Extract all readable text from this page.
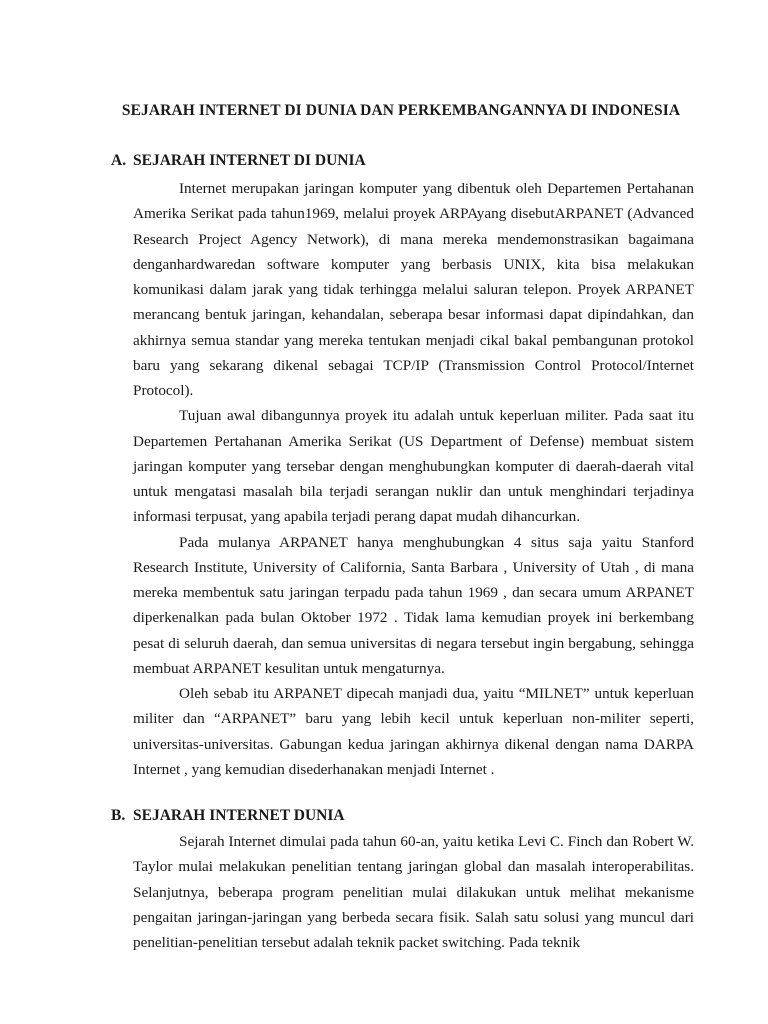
SEJARAH INTERNET DI DUNIA DAN PERKEMBANGANNYA DI INDONESIA
A. SEJARAH INTERNET DI DUNIA

Internet merupakan jaringan komputer yang dibentuk oleh Departemen Pertahanan Amerika Serikat pada tahun1969, melalui proyek ARPAyang disebutARPANET (Advanced Research Project Agency Network), di mana mereka mendemonstrasikan bagaimana denganhardwaredan software komputer yang berbasis UNIX, kita bisa melakukan komunikasi dalam jarak yang tidak terhingga melalui saluran telepon. Proyek ARPANET merancang bentuk jaringan, kehandalan, seberapa besar informasi dapat dipindahkan, dan akhirnya semua standar yang mereka tentukan menjadi cikal bakal pembangunan protokol baru yang sekarang dikenal sebagai TCP/IP (Transmission Control Protocol/Internet Protocol).

Tujuan awal dibangunnya proyek itu adalah untuk keperluan militer. Pada saat itu Departemen Pertahanan Amerika Serikat (US Department of Defense) membuat sistem jaringan komputer yang tersebar dengan menghubungkan komputer di daerah-daerah vital untuk mengatasi masalah bila terjadi serangan nuklir dan untuk menghindari terjadinya informasi terpusat, yang apabila terjadi perang dapat mudah dihancurkan.

Pada mulanya ARPANET hanya menghubungkan 4 situs saja yaitu Stanford Research Institute, University of California, Santa Barbara , University of Utah , di mana mereka membentuk satu jaringan terpadu pada tahun 1969 , dan secara umum ARPANET diperkenalkan pada bulan Oktober 1972 . Tidak lama kemudian proyek ini berkembang pesat di seluruh daerah, dan semua universitas di negara tersebut ingin bergabung, sehingga membuat ARPANET kesulitan untuk mengaturnya.

Oleh sebab itu ARPANET dipecah manjadi dua, yaitu “MILNET” untuk keperluan militer dan “ARPANET” baru yang lebih kecil untuk keperluan non-militer seperti, universitas-universitas. Gabungan kedua jaringan akhirnya dikenal dengan nama DARPA Internet , yang kemudian disederhanakan menjadi Internet .

B. SEJARAH INTERNET DUNIA

Sejarah Internet dimulai pada tahun 60-an, yaitu ketika Levi C. Finch dan Robert W. Taylor mulai melakukan penelitian tentang jaringan global dan masalah interoperabilitas. Selanjutnya, beberapa program penelitian mulai dilakukan untuk melihat mekanisme pengaitan jaringan-jaringan yang berbeda secara fisik. Salah satu solusi yang muncul dari penelitian-penelitian tersebut adalah teknik packet switching. Pada teknik
